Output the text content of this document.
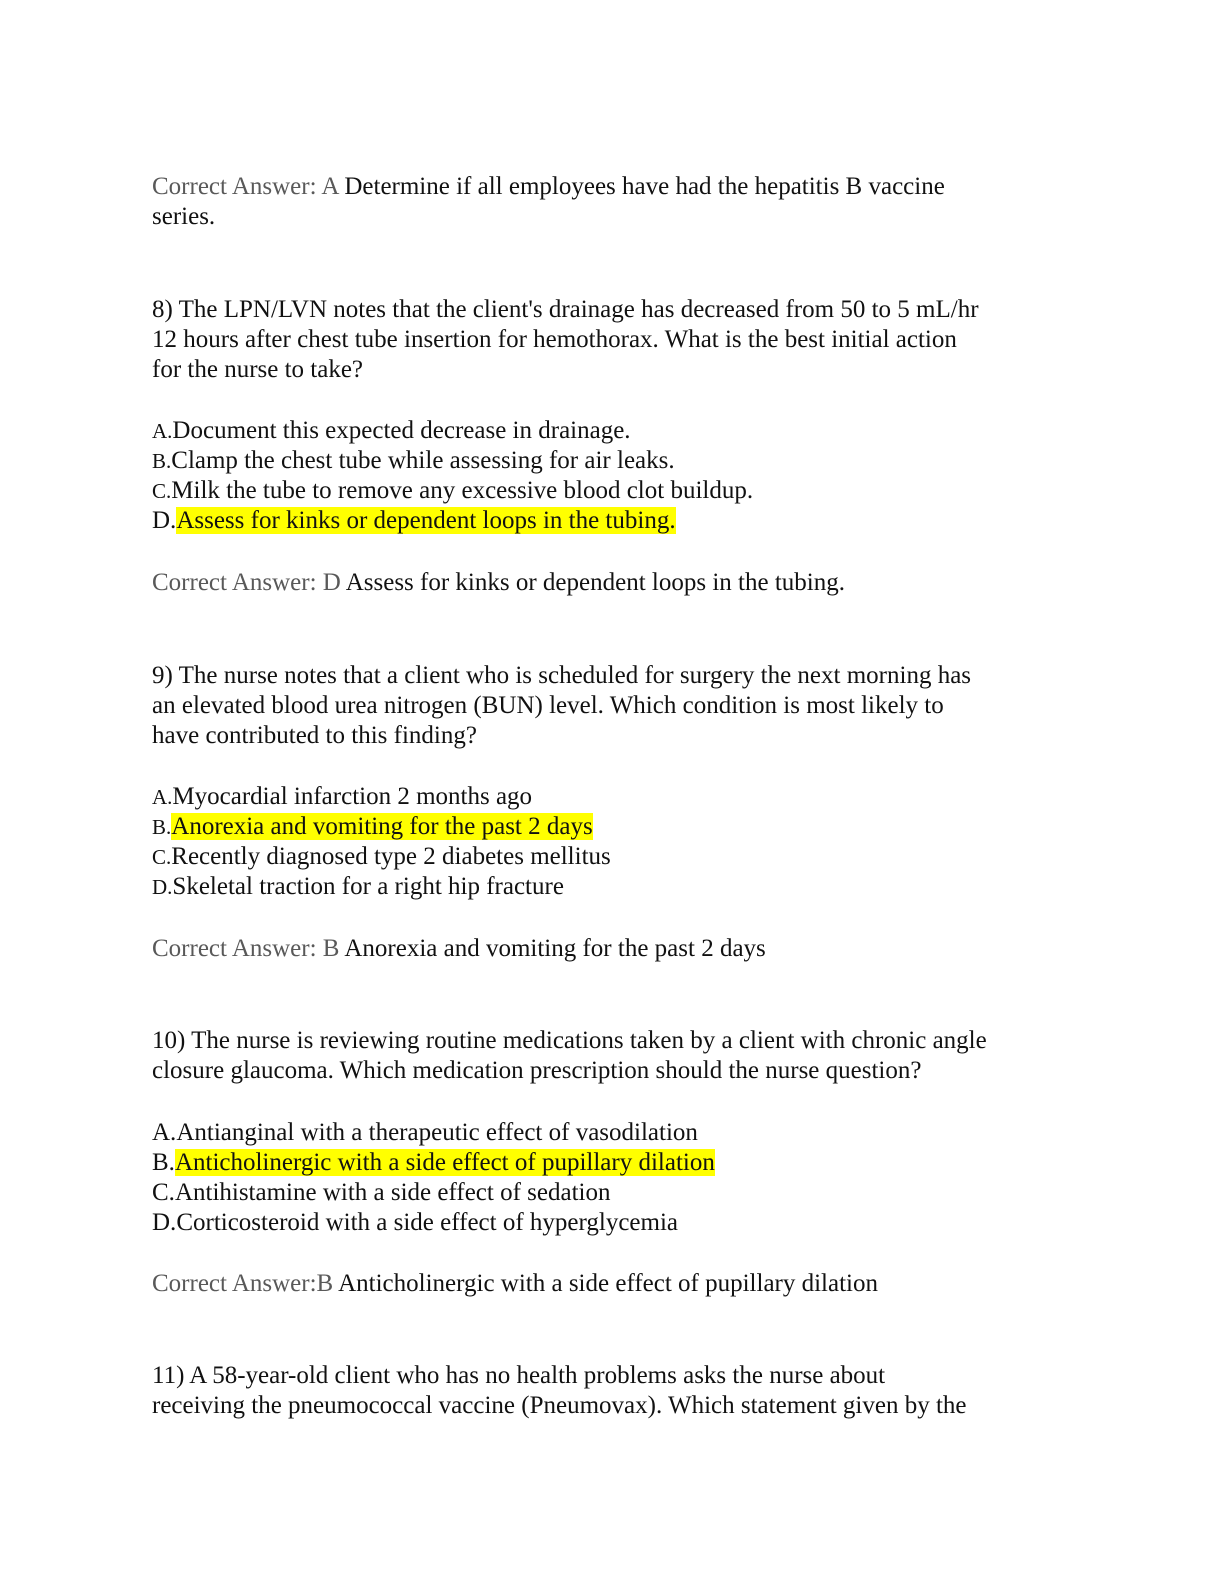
Correct Answer: A Determine if all employees have had the hepatitis B vaccine
series.
8) The LPN/LVN notes that the client's drainage has decreased from 50 to 5 mL/hr
12 hours after chest tube insertion for hemothorax. What is the best initial action
for the nurse to take?
A.Document this expected decrease in drainage.
B.Clamp the chest tube while assessing for air leaks.
C.Milk the tube to remove any excessive blood clot buildup.
D.Assess for kinks or dependent loops in the tubing.
Correct Answer: D Assess for kinks or dependent loops in the tubing.
9) The nurse notes that a client who is scheduled for surgery the next morning has
an elevated blood urea nitrogen (BUN) level. Which condition is most likely to
have contributed to this finding?
A.Myocardial infarction 2 months ago
B.Anorexia and vomiting for the past 2 days
C.Recently diagnosed type 2 diabetes mellitus
D.Skeletal traction for a right hip fracture
Correct Answer: B Anorexia and vomiting for the past 2 days
10) The nurse is reviewing routine medications taken by a client with chronic angle
closure glaucoma. Which medication prescription should the nurse question?
A.Antianginal with a therapeutic effect of vasodilation
B.Anticholinergic with a side effect of pupillary dilation
C.Antihistamine with a side effect of sedation
D.Corticosteroid with a side effect of hyperglycemia
Correct Answer:B Anticholinergic with a side effect of pupillary dilation
11) A 58-year-old client who has no health problems asks the nurse about
receiving the pneumococcal vaccine (Pneumovax). Which statement given by the
